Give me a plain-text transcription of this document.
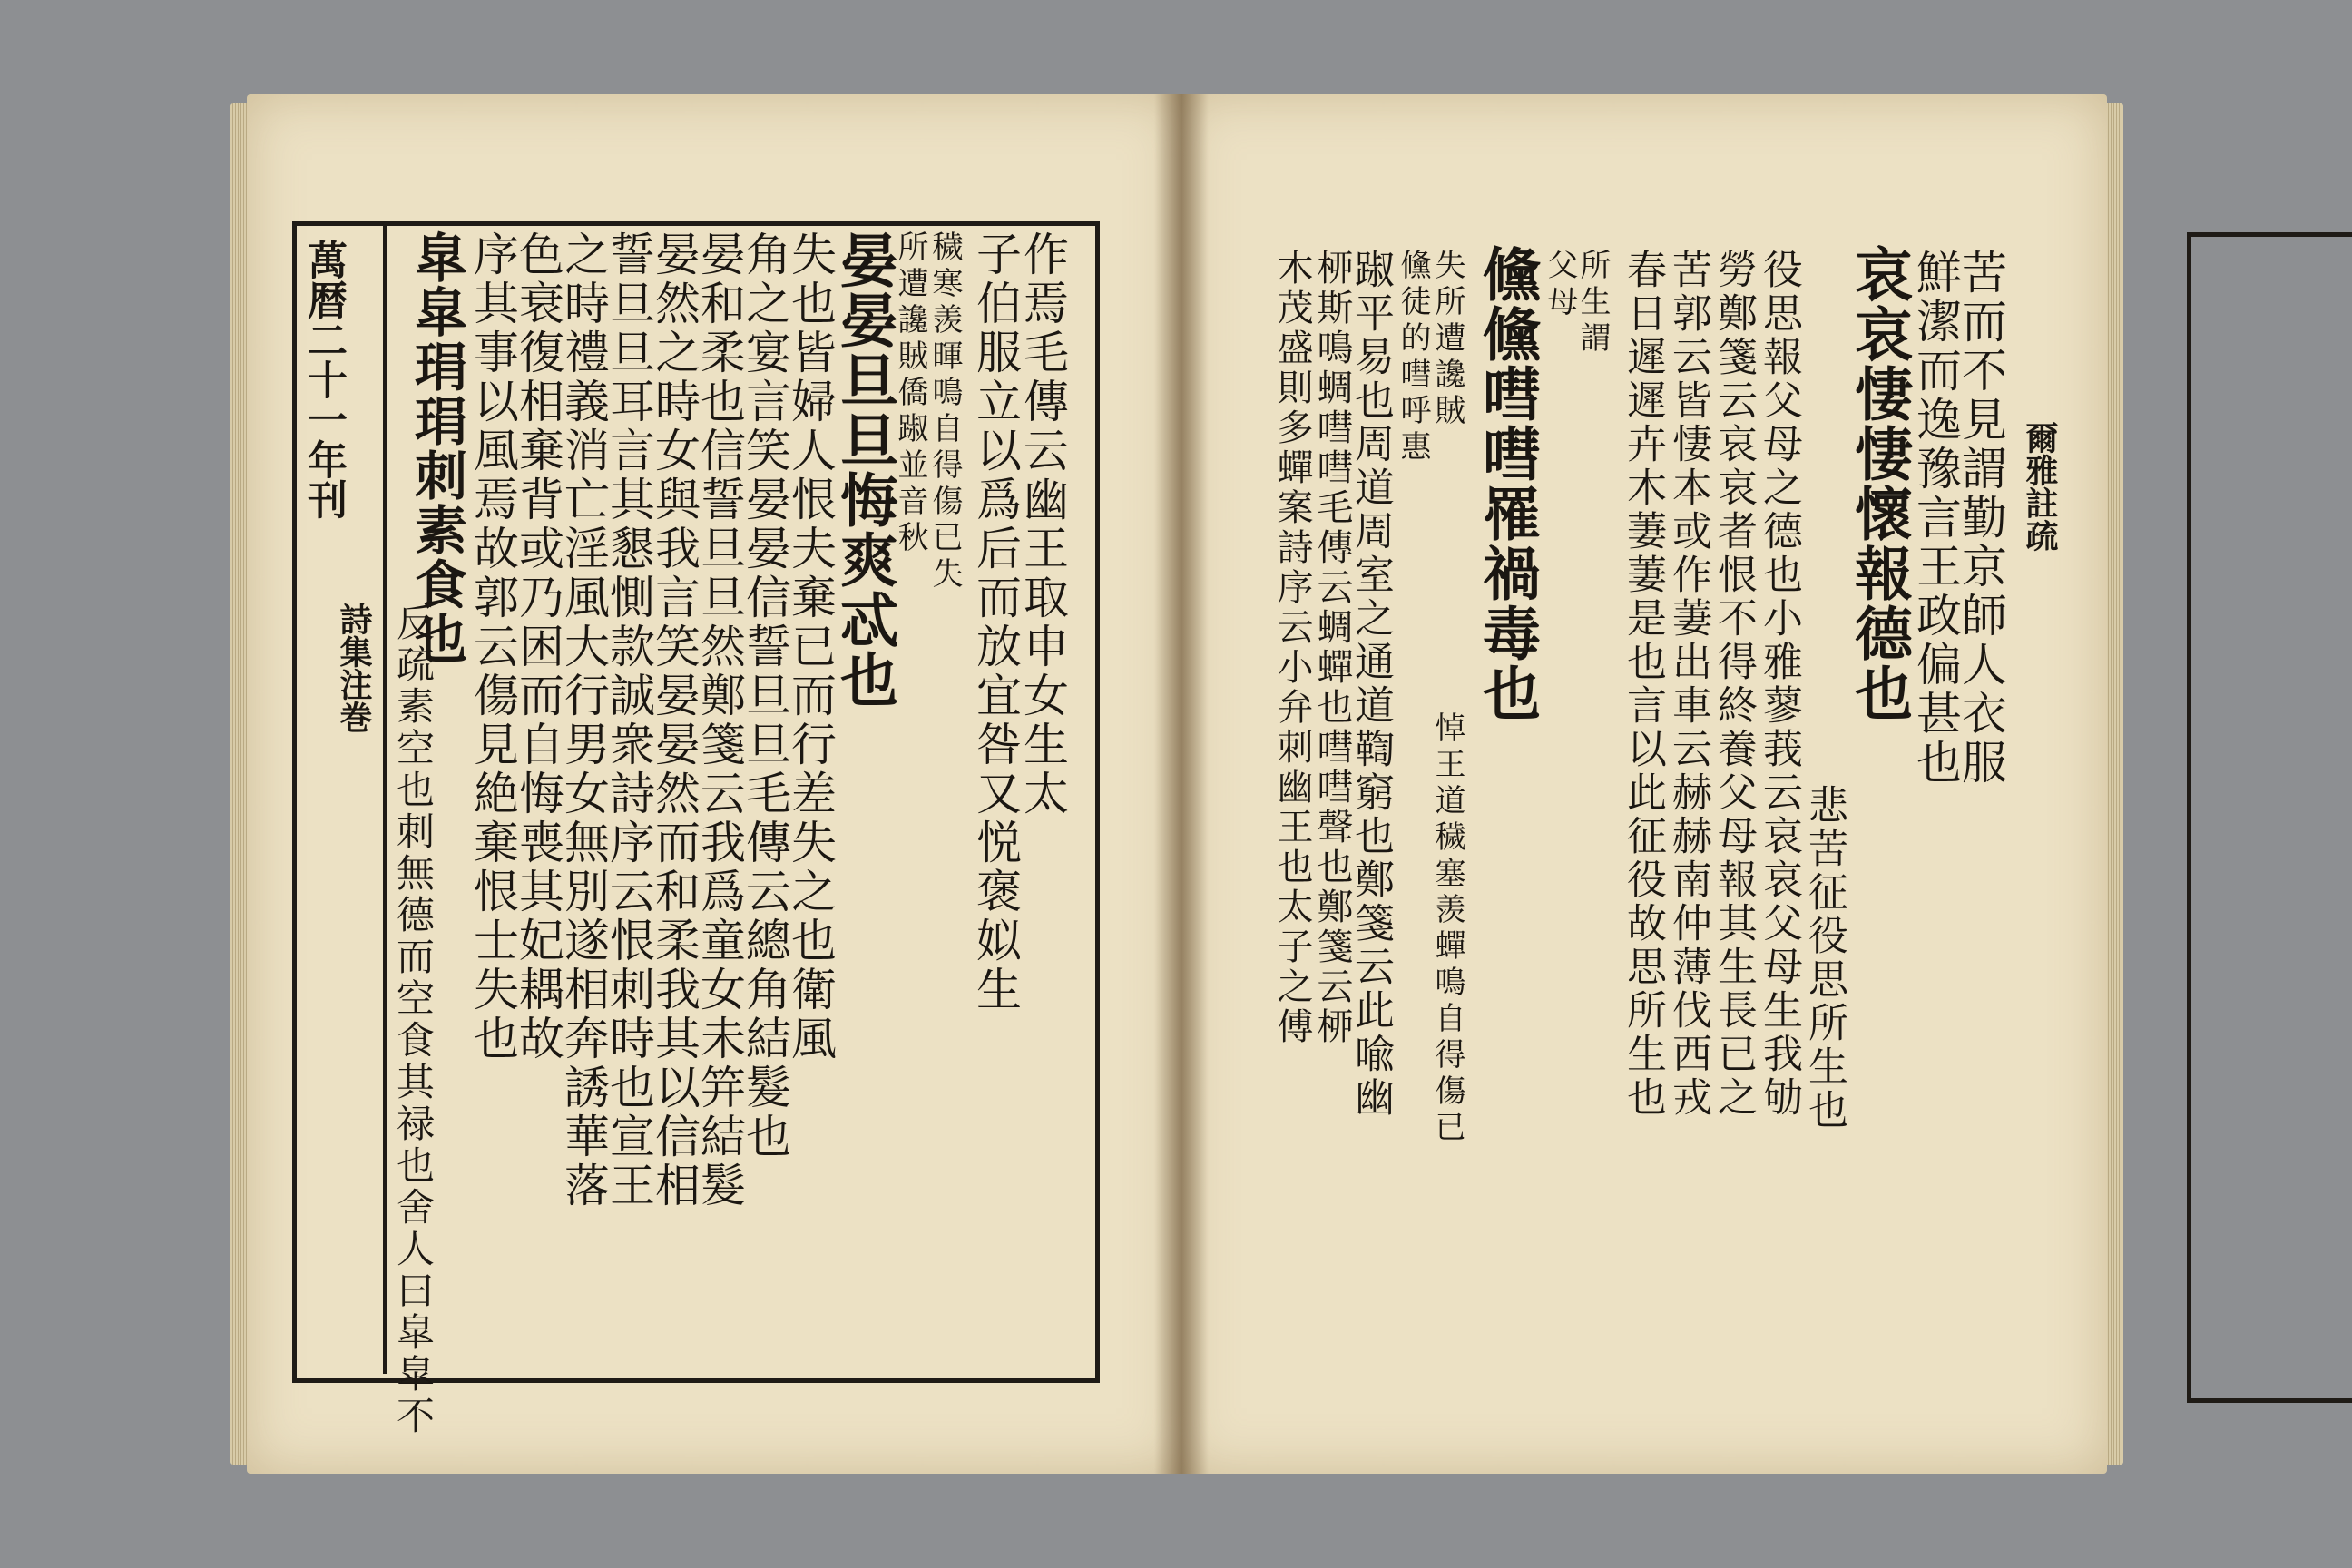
萬暦二十一年刊
詩集注巻	作焉毛傳云幽王取申女生太
子伯服立以爲后而放宜咎又悦褒姒生
穢寒羡暉鳴自得傷已失
所遭讒賊僑踧並音秋
晏晏旦旦悔爽忒也
失也皆婦人恨夫棄已而行差失之也衛風
角之宴言笑晏晏信誓旦旦毛傳云總角結髮也
晏和柔也信誓旦旦然鄭箋云我爲童女未笄結髮
晏然之時女與我言笑晏晏然而和柔我其以信相
誓旦旦耳言其懇惻款誠衆詩序云恨刺時也宣王
之時禮義消亡淫風大行男女無別遂相奔誘華落
色衰復相棄背或乃困而自悔喪其妃耦故
序其事以風焉故郭云傷見絶棄恨士失也
皐皐琄琄刺素食也
反疏素空也刺無德而空食其禄也舍人曰皐皐不
爾雅註疏
苦而不見謂勤京師人衣服
鮮潔而逸豫言王政偏甚也
哀哀悽悽懷報德也
悲苦征役思所生也
役思報父母之德也小雅蓼莪云哀哀父母生我劬
勞鄭箋云哀哀者恨不得終養父母報其生長已之
苦郭云皆悽本或作萋出車云赫赫南仲薄伐西戎
春日遲遲卉木萋萋是也言以此征役故思所生也
所生謂
父母
儵儵嘒嘒罹禍毒也
悼王道穢塞羡蟬鳴自得傷已
失所遭讒賊
儵徒的嘒呼惠
踧平易也周道周室之通道鞫窮也鄭箋云此喩幽
桺斯鳴蜩嘒嘒毛傳云蜩蟬也嘒嘒聲也鄭箋云桺
木茂盛則多蟬案詩序云小弁刺幽王也太子之傅
